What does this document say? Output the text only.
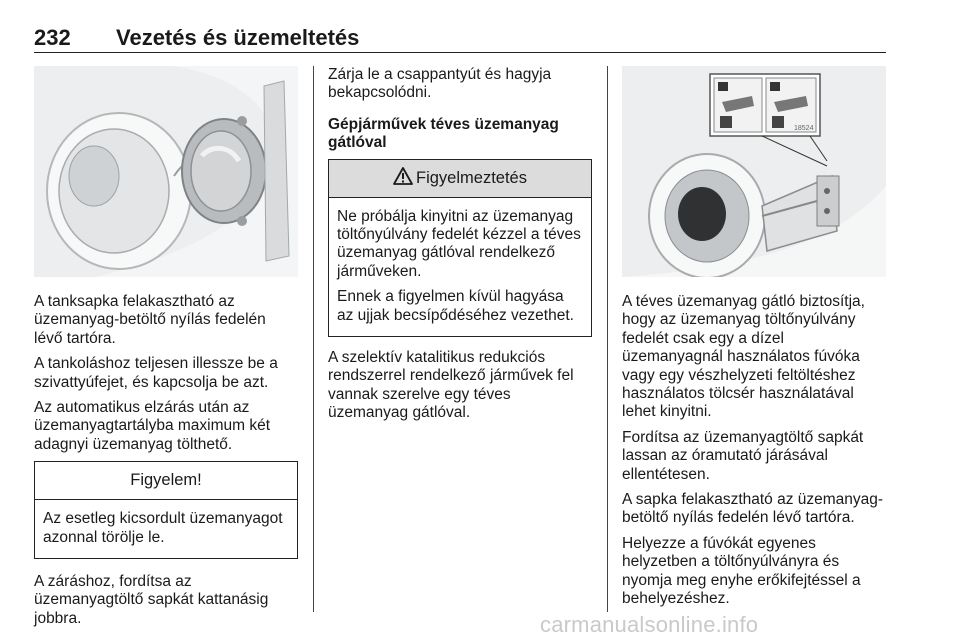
232 Vezetés és üzemeltetés

A tanksapka felakasztható az üzemanyag-betöltő nyílás fedelén lévő tartóra.

A tankoláshoz teljesen illessze be a szivattyúfejet, és kapcsolja be azt.

Az automatikus elzárás után az üzemanyagtartályba maximum két adagnyi üzemanyag tölthető.

Figyelem!

Az esetleg kicsordult üzemanyagot azonnal törölje le.

A záráshoz, fordítsa az üzemanyagtöltő sapkát kattanásig jobbra.

Zárja le a csappantyút és hagyja bekapcsolódni.

Gépjárművek téves üzemanyag gátlóval
Figyelmeztetés

Ne próbálja kinyitni az üzemanyag töltőnyúlvány fedelét kézzel a téves üzemanyag gátlóval rendelkező járműveken.

Ennek a figyelmen kívül hagyása az ujjak becsípődéséhez vezethet.

A szelektív katalitikus redukciós rendszerrel rendelkező járművek fel vannak szerelve egy téves üzemanyag gátlóval.

18524

A téves üzemanyag gátló biztosítja, hogy az üzemanyag töltőnyúlvány fedelét csak egy a dízel üzemanyagnál használatos fúvóka vagy egy vészhelyzeti feltöltéshez használatos tölcsér használatával lehet kinyitni.

Fordítsa az üzemanyagtöltő sapkát lassan az óramutató járásával ellentétesen.

A sapka felakasztható az üzemanyag-betöltő nyílás fedelén lévő tartóra.

Helyezze a fúvókát egyenes helyzetben a töltőnyúlványra és nyomja meg enyhe erőkifejtéssel a behelyezéshez.

carmanualsonline.info
